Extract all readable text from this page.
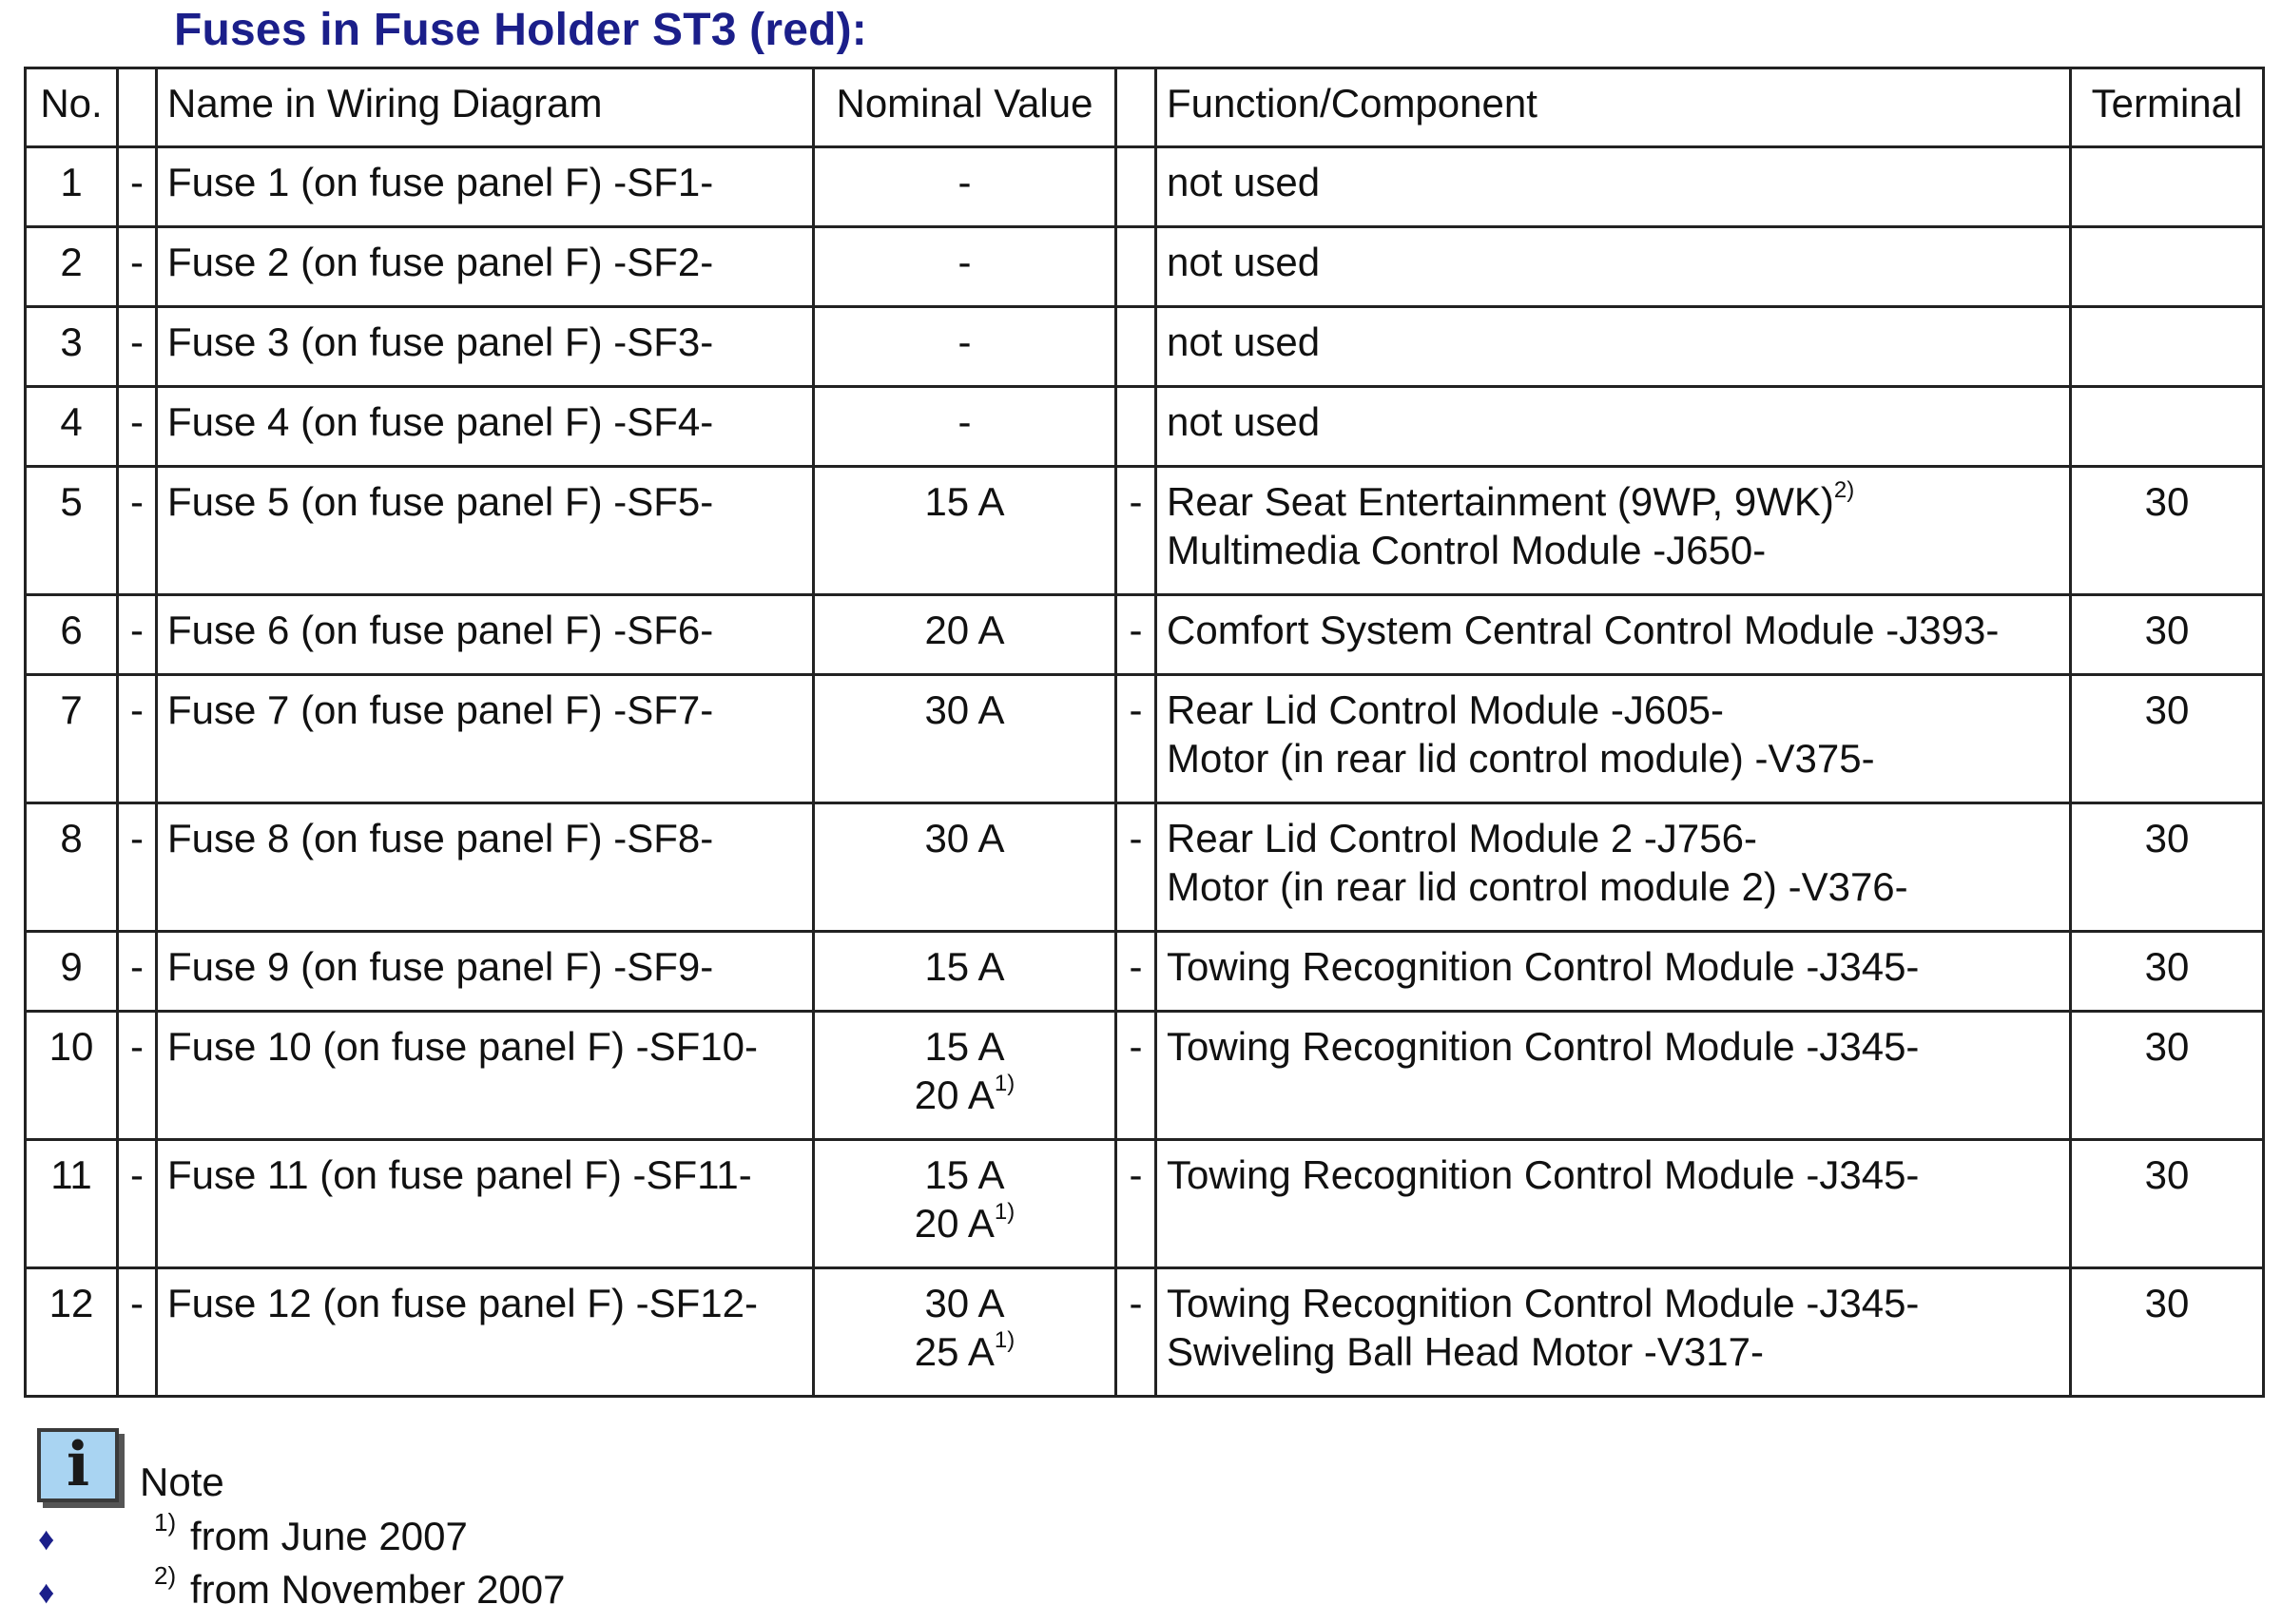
Fuses in Fuse Holder ST3 (red):
No.		Name in Wiring Diagram	Nominal Value		Function/Component	Terminal
1	-	Fuse 1 (on fuse panel F) -SF1-	-		not used	

2	-	Fuse 2 (on fuse panel F) -SF2-	-		not used	

3	-	Fuse 3 (on fuse panel F) -SF3-	-		not used	

4	-	Fuse 4 (on fuse panel F) -SF4-	-		not used	

5	-	Fuse 5 (on fuse panel F) -SF5-	15 A	-	Rear Seat Entertainment (9WP, 9WK)$^{2)}$
Multimedia Control Module -J650-	30
6	-	Fuse 6 (on fuse panel F) -SF6-	20 A	-	Comfort System Central Control Module -J393-	30
7	-	Fuse 7 (on fuse panel F) -SF7-	30 A	-	Rear Lid Control Module -J605-
Motor (in rear lid control module) -V375-	30
8	-	Fuse 8 (on fuse panel F) -SF8-	30 A	-	Rear Lid Control Module 2 -J756-
Motor (in rear lid control module 2) -V376-	30
9	-	Fuse 9 (on fuse panel F) -SF9-	15 A	-	Towing Recognition Control Module -J345-	30
10	-	Fuse 10 (on fuse panel F) -SF10-	15 A
20 $A^{1)}$	-	Towing Recognition Control Module -J345-	30
11	-	Fuse 11 (on fuse panel F) -SF11-	15 A
20 $A^{1)}$	-	Towing Recognition Control Module -J345-	30
12	-	Fuse 12 (on fuse panel F) -SF12-	30 A
25 $A^{1)}$	-	Towing Recognition Control Module -J345-
Swiveling Ball Head Motor -V317-	30
i Note
♦	1) from June 2007
♦	2) from November 2007
